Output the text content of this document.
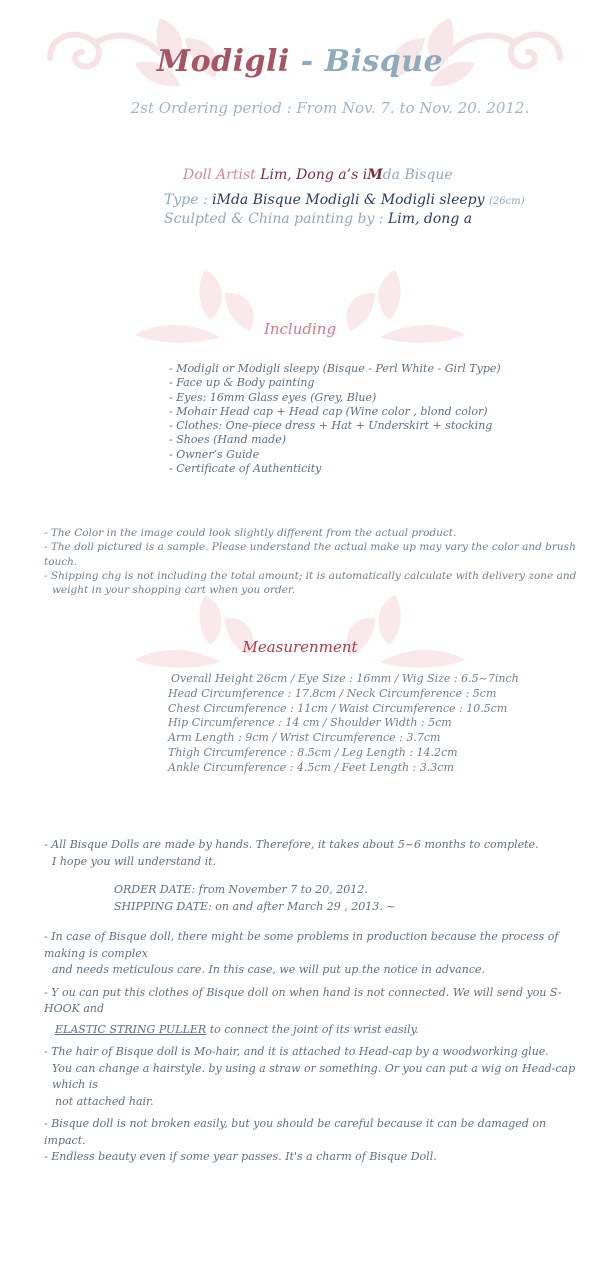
Modigli - Bisque
2st Ordering period : From Nov. 7. to Nov. 20. 2012.
Doll Artist Lim, Dong a’s iMda Bisque
Type : iMda Bisque Modigli & Modigli sleepy (26cm)
Sculpted & China painting by : Lim, dong a
Including
- Modigli or Modigli sleepy (Bisque - Perl White - Girl Type)
- Face up & Body painting
- Eyes: 16mm Glass eyes (Grey, Blue)
- Mohair Head cap + Head cap (Wine color , blond color)
- Clothes: One-piece dress + Hat + Underskirt + stocking
- Shoes (Hand made)
- Owner’s Guide
- Certificate of Authenticity
- The Color in the image could look slightly different from the actual product.
- The doll pictured is a sample. Please understand the actual make up may vary the color and brush touch.
- Shipping chg is not including the total amount; it is automatically calculate with delivery zone and
weight in your shopping cart when you order.
Measurenment
Overall Height 26cm / Eye Size : 16mm / Wig Size : 6.5~7inch
Head Circumference : 17.8cm / Neck Circumference : 5cm
Chest Circumference : 11cm / Waist Circumference : 10.5cm
Hip Circumference : 14 cm / Shoulder Width : 5cm
Arm Length : 9cm / Wrist Circumference : 3.7cm
Thigh Circumference : 8.5cm / Leg Length : 14.2cm
Ankle Circumference : 4.5cm / Feet Length : 3.3cm

- All Bisque Dolls are made by hands. Therefore, it takes about 5~6 months to complete.

I hope you will understand it.

ORDER DATE: from November 7 to 20, 2012.

SHIPPING DATE: on and after March 29 , 2013. ~

- In case of Bisque doll, there might be some problems in production because the process of making is complex

and needs meticulous care. In this case, we will put up the notice in advance.

- Y ou can put this clothes of Bisque doll on when hand is not connected. We will send you S-HOOK and

ELASTIC STRING PULLER to connect the joint of its wrist easily.

- The hair of Bisque doll is Mo-hair, and it is attached to Head-cap by a woodworking glue.

You can change a hairstyle. by using a straw or something. Or you can put a wig on Head-cap which is

not attached hair.

- Bisque doll is not broken easily, but you should be careful because it can be damaged on impact.

- Endless beauty even if some year passes. It's a charm of Bisque Doll.
